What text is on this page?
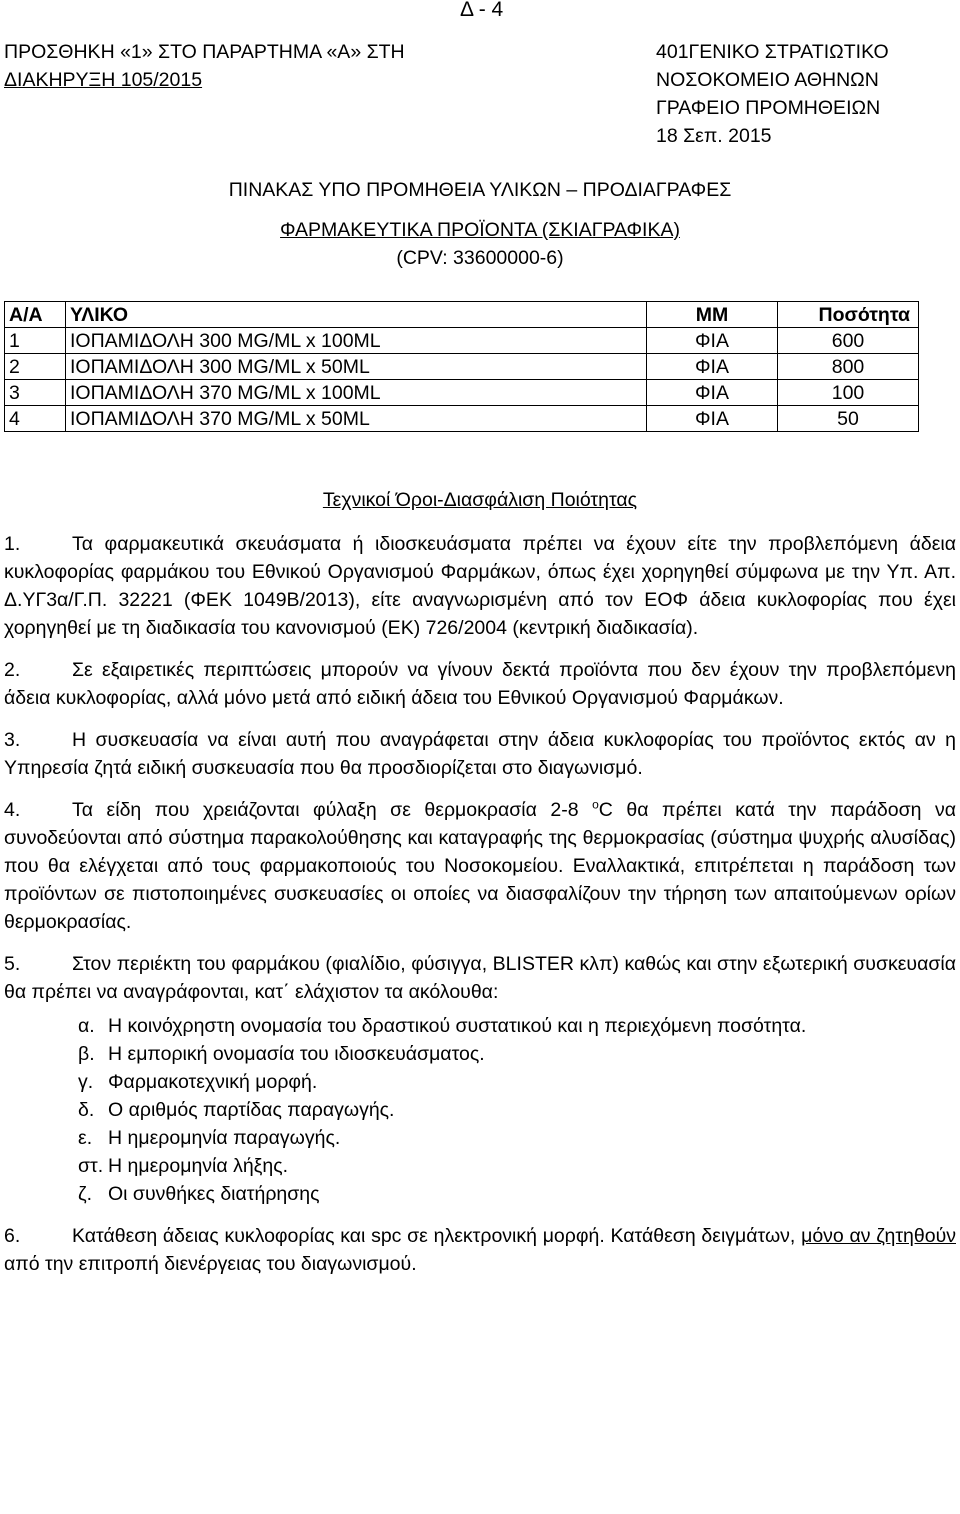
Δ - 4
ΠΡΟΣΘΗΚΗ «1» ΣΤΟ ΠΑΡΑΡΤΗΜΑ «Α» ΣΤΗ
ΔΙΑΚΗΡΥΞΗ 105/2015
401ΓΕΝΙΚΟ ΣΤΡΑΤΙΩΤΙΚΟ
ΝΟΣΟΚΟΜΕΙΟ ΑΘΗΝΩΝ
ΓΡΑΦΕΙΟ ΠΡΟΜΗΘΕΙΩΝ
18 Σεπ. 2015
ΠΙΝΑΚΑΣ ΥΠΟ ΠΡΟΜΗΘΕΙΑ ΥΛΙΚΩΝ – ΠΡΟΔΙΑΓΡΑΦΕΣ
ΦΑΡΜΑΚΕΥΤΙΚΑ ΠΡΟΪΟΝΤΑ (ΣΚΙΑΓΡΑΦΙΚΑ)
(CPV: 33600000-6)
Α/Α	ΥΛΙΚΟ	ΜΜ	Ποσότητα
1	ΙΟΠΑΜΙΔΟΛΗ 300 MG/ML x 100ML	ΦΙΑ	600
2	ΙΟΠΑΜΙΔΟΛΗ 300 MG/ML x 50ML	ΦΙΑ	800
3	ΙΟΠΑΜΙΔΟΛΗ 370 MG/ML x 100ML	ΦΙΑ	100
4	ΙΟΠΑΜΙΔΟΛΗ 370 MG/ML x 50ML	ΦΙΑ	50
Τεχνικοί Όροι-Διασφάλιση Ποιότητας

1.	Τα φαρμακευτικά σκευάσματα ή ιδιοσκευάσματα πρέπει να έχουν είτε την προβλεπόμενη άδεια κυκλοφορίας φαρμάκου του Εθνικού Οργανισμού Φαρμάκων, όπως έχει χορηγηθεί σύμφωνα με την Υπ. Απ. Δ.ΥΓ3α/Γ.Π. 32221 (ΦΕΚ 1049Β/2013), είτε αναγνωρισμένη από τον ΕΟΦ άδεια κυκλοφορίας που έχει χορηγηθεί με τη διαδικασία του κανονισμού (ΕΚ) 726/2004 (κεντρική διαδικασία).

2.	Σε εξαιρετικές περιπτώσεις μπορούν να γίνουν δεκτά προϊόντα που δεν έχουν την προβλεπόμενη άδεια κυκλοφορίας, αλλά μόνο μετά από ειδική άδεια του Εθνικού Οργανισμού Φαρμάκων.

3.	Η συσκευασία να είναι αυτή που αναγράφεται στην άδεια κυκλοφορίας του προϊόντος εκτός αν η Υπηρεσία ζητά ειδική συσκευασία που θα προσδιορίζεται στο διαγωνισμό.

4.	Τα είδη που χρειάζονται φύλαξη σε θερμοκρασία 2-8 $^o$C θα πρέπει κατά την παράδοση να συνοδεύονται από σύστημα παρακολούθησης και καταγραφής της θερμοκρασίας (σύστημα ψυχρής αλυσίδας) που θα ελέγχεται από τους φαρμακοποιούς του Νοσοκομείου. Εναλλακτικά, επιτρέπεται η παράδοση των προϊόντων σε πιστοποιημένες συσκευασίες οι οποίες να διασφαλίζουν την τήρηση των απαιτούμενων ορίων θερμοκρασίας.

5.	Στον περιέκτη του φαρμάκου (φιαλίδιο, φύσιγγα, BLISTER κλπ) καθώς και στην εξωτερική συσκευασία θα πρέπει να αναγράφονται, κατ΄ ελάχιστον τα ακόλουθα:

α. Η κοινόχρηστη ονομασία του δραστικού συστατικού και η περιεχόμενη ποσότητα.

β. Η εμπορική ονομασία του ιδιοσκευάσματος.

γ. Φαρμακοτεχνική μορφή.

δ. Ο αριθμός παρτίδας παραγωγής.

ε. Η ημερομηνία παραγωγής.

στ. Η ημερομηνία λήξης.

ζ. Οι συνθήκες διατήρησης

6.	Κατάθεση άδειας κυκλοφορίας και spc σε ηλεκτρονική μορφή. Κατάθεση δειγμάτων, μόνο αν ζητηθούν από την επιτροπή διενέργειας του διαγωνισμού.
